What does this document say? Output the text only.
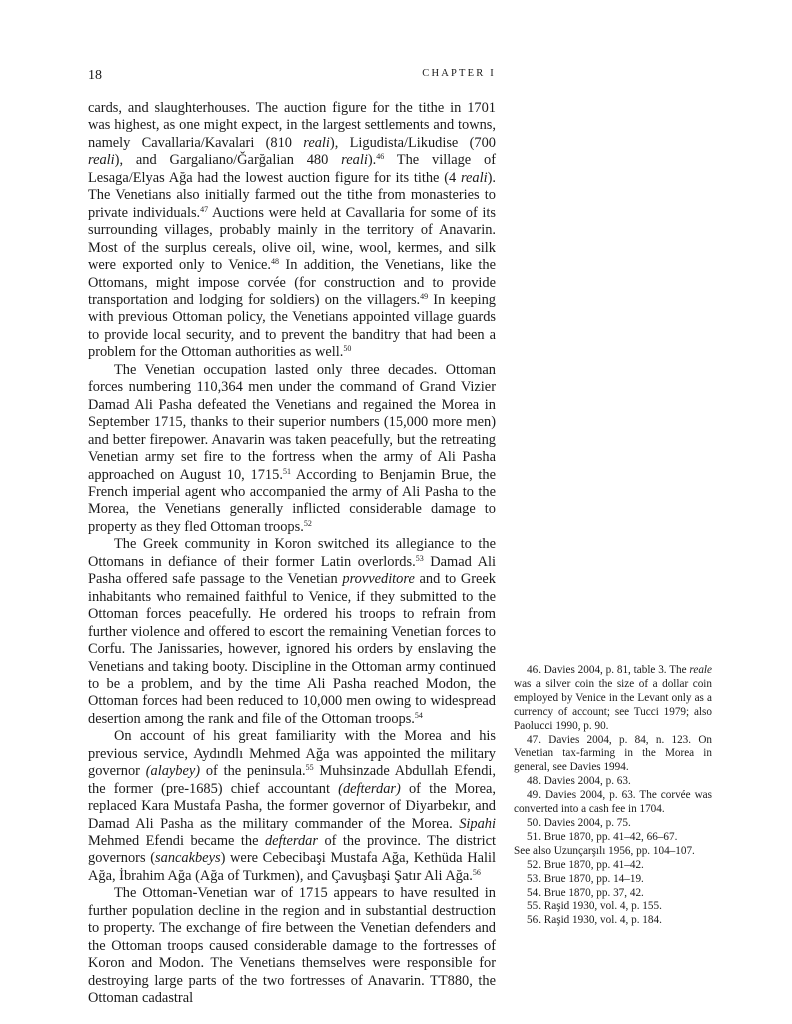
18	CHAPTER I

cards, and slaughterhouses. The auction figure for the tithe in 1701 was highest, as one might expect, in the largest settlements and towns, namely Cavallaria/Kavalari (810 reali), Ligudista/Likudise (700 reali), and Gargaliano/Ğarğalian 480 reali).$^{46}$ The village of Lesaga/Elyas Ağa had the lowest auction figure for its tithe (4 reali). The Venetians also initially farmed out the tithe from monasteries to private individuals.$^{47}$ Auctions were held at Cavallaria for some of its surrounding villages, probably mainly in the territory of Anavarin. Most of the surplus cereals, olive oil, wine, wool, kermes, and silk were exported only to Venice.$^{48}$ In addition, the Venetians, like the Ottomans, might impose corvée (for construction and to provide transportation and lodging for soldiers) on the villagers.$^{49}$ In keeping with previous Ottoman policy, the Venetians appointed village guards to provide local security, and to prevent the banditry that had been a problem for the Ottoman authorities as well.$^{50}$

The Venetian occupation lasted only three decades. Ottoman forces numbering 110,364 men under the command of Grand Vizier Damad Ali Pasha defeated the Venetians and regained the Morea in September 1715, thanks to their superior numbers (15,000 more men) and better firepower. Anavarin was taken peacefully, but the retreating Venetian army set fire to the fortress when the army of Ali Pasha approached on August 10, 1715.51 According to Benjamin Brue, the French imperial agent who accompanied the army of Ali Pasha to the Morea, the Venetians generally inflicted considerable damage to property as they fled Ottoman troops.$^{52}$

The Greek community in Koron switched its allegiance to the Ottomans in defiance of their former Latin overlords.$^{53}$ Damad Ali Pasha offered safe passage to the Venetian provveditore and to Greek inhabitants who remained faithful to Venice, if they submitted to the Ottoman forces peacefully. He ordered his troops to refrain from further violence and offered to escort the remaining Venetian forces to Corfu. The Janissaries, however, ignored his orders by enslaving the Venetians and taking booty. Discipline in the Ottoman army continued to be a problem, and by the time Ali Pasha reached Modon, the Ottoman forces had been reduced to 10,000 men owing to widespread desertion among the rank and file of the Ottoman troops.$^{54}$

On account of his great familiarity with the Morea and his previous service, Aydındlı Mehmed Ağa was appointed the military governor (alaybey) of the peninsula.$^{55}$ Muhsinzade Abdullah Efendi, the former (pre-1685) chief accountant (defterdar) of the Morea, replaced Kara Mustafa Pasha, the former governor of Diyarbekır, and Damad Ali Pasha as the military commander of the Morea. Sipahi Mehmed Efendi became the defterdar of the province. The district governors (sancakbeys) were Cebecibaşi Mustafa Ağa, Kethüda Halil Ağa, İbrahim Ağa (Ağa of Turkmen), and Çavuşbaşi Şatır Ali Ağa.$^{56}$

The Ottoman-Venetian war of 1715 appears to have resulted in further population decline in the region and in substantial destruction to property. The exchange of fire between the Venetian defenders and the Ottoman troops caused considerable damage to the fortresses of Koron and Modon. The Venetians themselves were responsible for destroying large parts of the two fortresses of Anavarin. TT880, the Ottoman cadastral

46. Davies 2004, p. 81, table 3. The reale was a silver coin the size of a dollar coin employed by Venice in the Levant only as a currency of account; see Tucci 1979; also Paolucci 1990, p. 90.

47. Davies 2004, p. 84, n. 123. On Venetian tax-farming in the Morea in general, see Davies 1994.

48. Davies 2004, p. 63.

49. Davies 2004, p. 63. The corvée was converted into a cash fee in 1704.

50. Davies 2004, p. 75.

51. Brue 1870, pp. 41–42, 66–67.

See also Uzunçarşılı 1956, pp. 104–107.

52. Brue 1870, pp. 41–42.

53. Brue 1870, pp. 14–19.

54. Brue 1870, pp. 37, 42.

55. Raşid 1930, vol. 4, p. 155.

56. Raşid 1930, vol. 4, p. 184.
